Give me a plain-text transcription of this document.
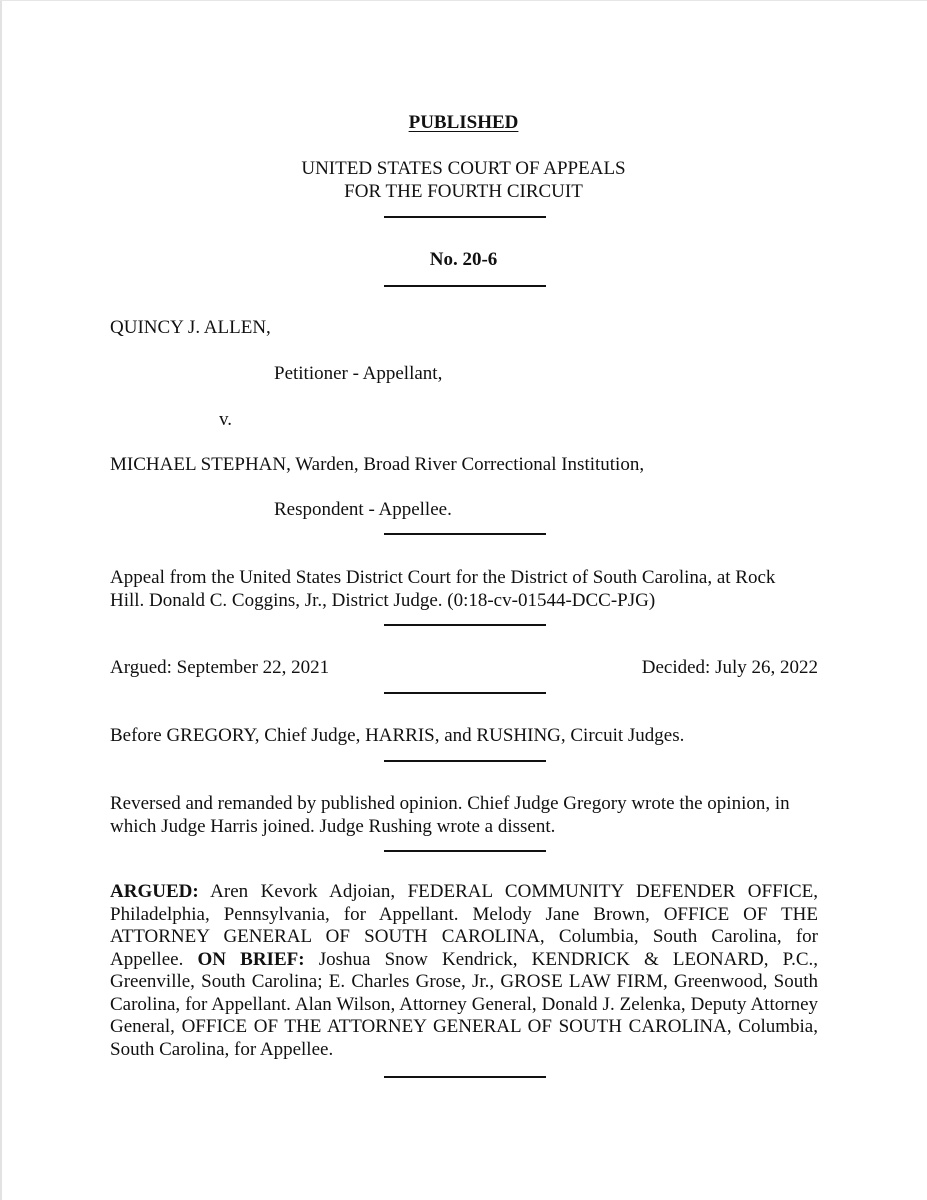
PUBLISHED
UNITED STATES COURT OF APPEALS
FOR THE FOURTH CIRCUIT
No. 20-6
QUINCY J. ALLEN,
Petitioner - Appellant,
v.
MICHAEL STEPHAN, Warden, Broad River Correctional Institution,
Respondent - Appellee.
Appeal from the United States District Court for the District of South Carolina, at Rock
Hill. Donald C. Coggins, Jr., District Judge. (0:18-cv-01544-DCC-PJG)
Argued: September 22, 2021	Decided: July 26, 2022
Before GREGORY, Chief Judge, HARRIS, and RUSHING, Circuit Judges.
Reversed and remanded by published opinion. Chief Judge Gregory wrote the opinion, in
which Judge Harris joined. Judge Rushing wrote a dissent.
ARGUED: Aren Kevork Adjoian, FEDERAL COMMUNITY DEFENDER OFFICE, Philadelphia, Pennsylvania, for Appellant. Melody Jane Brown, OFFICE OF THE ATTORNEY GENERAL OF SOUTH CAROLINA, Columbia, South Carolina, for Appellee. ON BRIEF: Joshua Snow Kendrick, KENDRICK & LEONARD, P.C., Greenville, South Carolina; E. Charles Grose, Jr., GROSE LAW FIRM, Greenwood, South Carolina, for Appellant. Alan Wilson, Attorney General, Donald J. Zelenka, Deputy Attorney General, OFFICE OF THE ATTORNEY GENERAL OF SOUTH CAROLINA, Columbia, South Carolina, for Appellee.
